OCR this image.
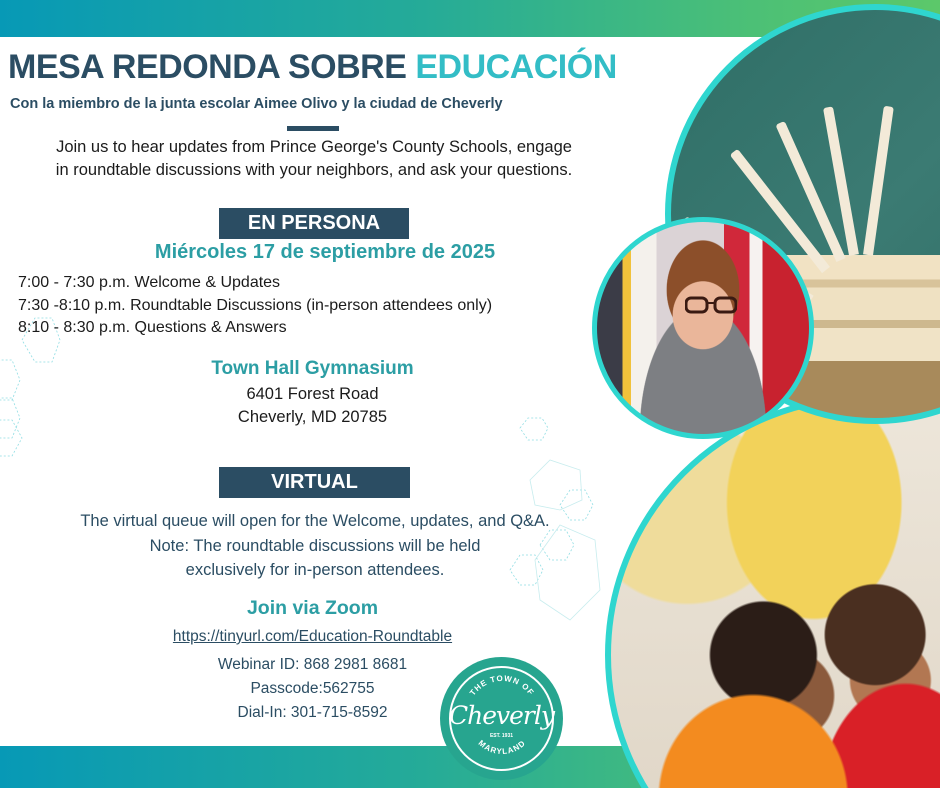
MESA REDONDA SOBRE EDUCACIÓN
Con la miembro de la junta escolar Aimee Olivo y la ciudad de Cheverly
Join us to hear updates from Prince George's County Schools, engage
in roundtable discussions with your neighbors, and ask your questions.
EN PERSONA
Miércoles 17 de septiembre de 2025
7:00 - 7:30 p.m. Welcome & Updates
7:30 -8:10 p.m. Roundtable Discussions (in-person attendees only)
8:10 - 8:30 p.m. Questions & Answers
Town Hall Gymnasium
6401 Forest Road
Cheverly, MD 20785
VIRTUAL
The virtual queue will open for the Welcome, updates, and Q&A.
Note: The roundtable discussions will be held
exclusively for in-person attendees.
Join via Zoom
https://tinyurl.com/Education-Roundtable
Webinar ID: 868 2981 8681
Passcode:562755
Dial-In: 301-715-8592
THE TOWN OF
MARYLAND
Cheverly
EST. 1931
